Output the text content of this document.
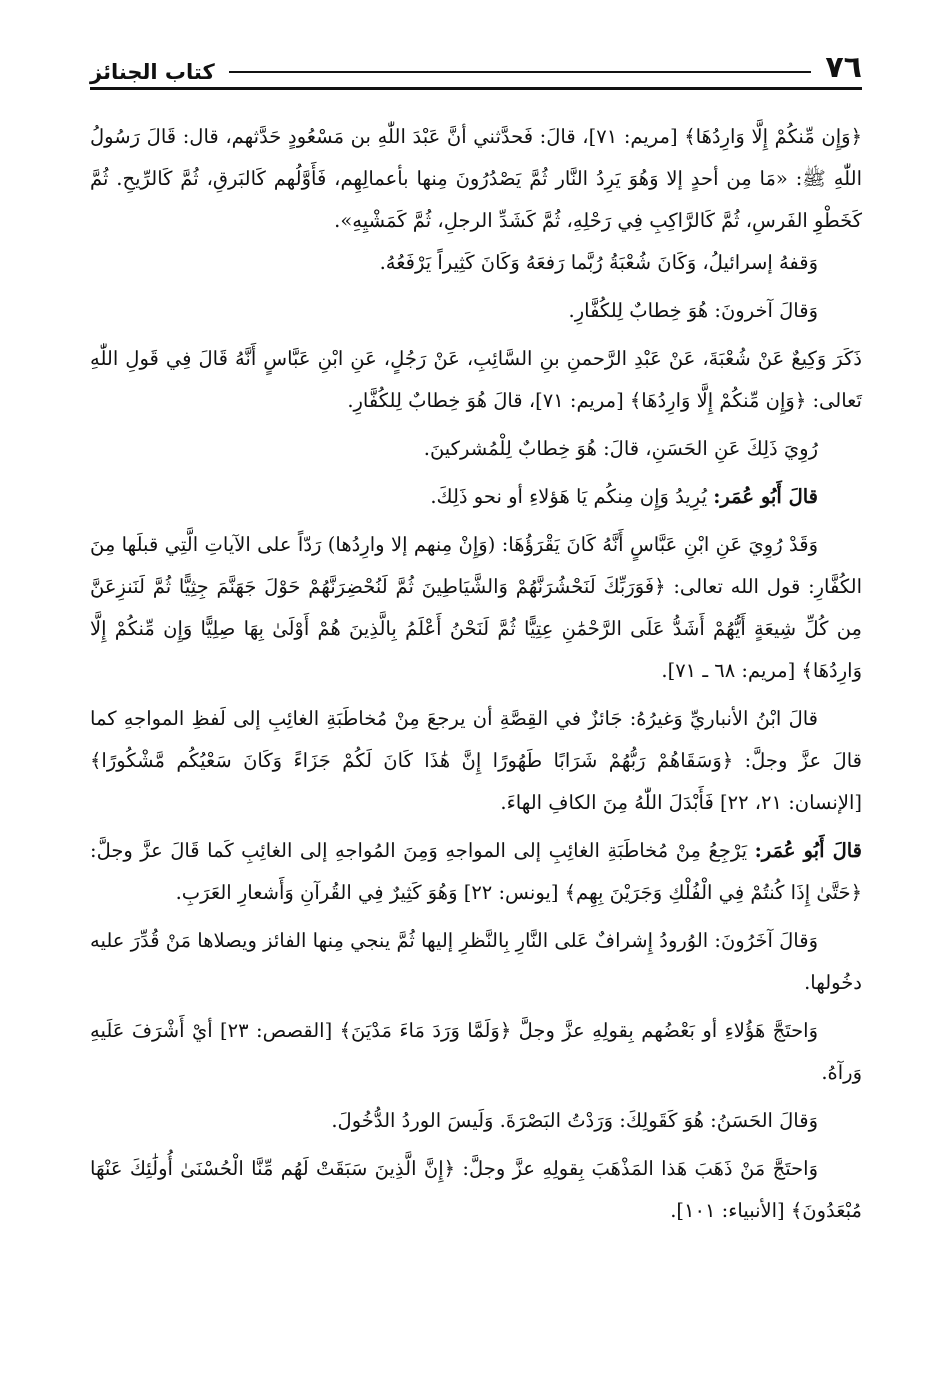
٧٦
كتاب الجنائز

﴿وَإِن مِّنكُمْ إِلَّا وَارِدُهَا﴾ [مريم: ٧١]، قالَ: فَحدَّثني أنَّ عَبْدَ اللّٰهِ بن مَسْعُودٍ حَدَّثهم، قال: قَالَ رَسُولُ اللّٰهِ ﷺ: «مَا مِن أحدٍ إلا وَهُوَ يَرِدُ النَّار ثُمَّ يَصْدُرُونَ مِنها بأعمالِهِم، فَأَوَّلُهم كَالبَرقِ، ثُمَّ كَالرِّيحِ. ثُمَّ كَخَطْوِ الفَرسِ، ثُمَّ كَالرَّاكِبِ فِي رَحْلِهِ، ثُمَّ كَشَدِّ الرجلِ، ثُمَّ كَمَشْيِهِ».

وَقفهُ إسرائيلُ، وَكَانَ شُعْبَةُ رُبَّما رَفعَهُ وَكَانَ كَثِيراً يَرْفَعُهُ.

وَقالَ آخرونَ: هُوَ خِطابٌ لِلكُفَّارِ.

ذَكَرَ وَكِيعٌ عَنْ شُعْبَةَ، عَنْ عَبْدِ الرَّحمنِ بنِ السَّائِبِ، عَنْ رَجُلٍ، عَنِ ابْنِ عَبَّاسٍ أَنَّهُ قَالَ فِي قَولِ اللّٰهِ تَعالى: ﴿وَإِن مِّنكُمْ إِلَّا وَارِدُهَا﴾ [مريم: ٧١]، قالَ هُوَ خِطابٌ لِلكُفَّارِ.

رُوِيَ ذَلِكَ عَنِ الحَسَنِ، قالَ: هُوَ خِطابٌ لِلْمُشركينَ.

قالَ أَبُو عُمَر: يُرِيدُ وَإِن مِنكُم يَا هَؤلاءِ أو نحو ذَلِكَ.

وَقَدْ رُوِيَ عَنِ ابْنِ عَبَّاسٍ أَنَّهُ كَانَ يَقْرَؤُهَا: (وَإِنْ مِنهم إلا وارِدُها) رَدّاً على الآياتِ الَّتِي قبلَها مِنَ الكُفَّارِ: قول الله تعالى: ﴿فَوَرَبِّكَ لَنَحْشُرَنَّهُمْ وَالشَّيَاطِينَ ثُمَّ لَنُحْضِرَنَّهُمْ حَوْلَ جَهَنَّمَ جِثِيًّا ثُمَّ لَنَنزِعَنَّ مِن كُلِّ شِيعَةٍ أَيُّهُمْ أَشَدُّ عَلَى الرَّحْمَٰنِ عِتِيًّا ثُمَّ لَنَحْنُ أَعْلَمُ بِالَّذِينَ هُمْ أَوْلَىٰ بِهَا صِلِيًّا وَإِن مِّنكُمْ إِلَّا وَارِدُهَا﴾ [مريم: ٦٨ ـ ٧١].

قالَ ابْنُ الأنباريِّ وَغيرُهُ: جَائزٌ في القِصَّةِ أن يرجعَ مِنْ مُخاطَبَةِ الغائِبِ إلى لَفظِ المواجهِ كما قالَ عزَّ وجلَّ: ﴿وَسَقَاهُمْ رَبُّهُمْ شَرَابًا طَهُورًا إِنَّ هَٰذَا كَانَ لَكُمْ جَزَاءً وَكَانَ سَعْيُكُم مَّشْكُورًا﴾ [الإنسان: ٢١، ٢٢] فَأَبْدَلَ اللّٰهُ مِنَ الكافِ الهاءَ.

قالَ أَبُو عُمَر: يَرْجِعُ مِنْ مُخاطَبَةِ الغائِبِ إلى المواجهِ وَمِنَ المُواجهِ إلى الغائِبِ كَما قَالَ عزَّ وجلَّ: ﴿حَتَّىٰ إِذَا كُنتُمْ فِي الْفُلْكِ وَجَرَيْنَ بِهِم﴾ [يونس: ٢٢] وَهُوَ كَثِيرٌ فِي القُرآنِ وَأَشعارِ العَرَبِ.

وَقالَ آخَرُونَ: الوُرودُ إِشرافٌ عَلى النَّارِ بِالنَّظرِ إليها ثُمَّ ينجي مِنها الفائز ويصلاها مَنْ قُدِّرَ عليه دخُولها.

وَاحتَجَّ هَؤُلاءِ أو بَعْضُهم بِقولِهِ عزَّ وجلَّ ﴿وَلَمَّا وَرَدَ مَاءَ مَدْيَنَ﴾ [القصص: ٢٣] أيْ أَشْرَفَ عَلَيهِ وَرآهُ.

وَقالَ الحَسَنُ: هُوَ كَقَولِكَ: وَرَدْتُ البَصْرَةَ. وَلَيسَ الوردُ الدُّخُولَ.

وَاحتَجَّ مَنْ ذَهَبَ هَذا المَذْهَبَ بِقولِهِ عزَّ وجلَّ: ﴿إِنَّ الَّذِينَ سَبَقَتْ لَهُم مِّنَّا الْحُسْنَىٰ أُولَٰئِكَ عَنْهَا مُبْعَدُونَ﴾ [الأنبياء: ١٠١].
